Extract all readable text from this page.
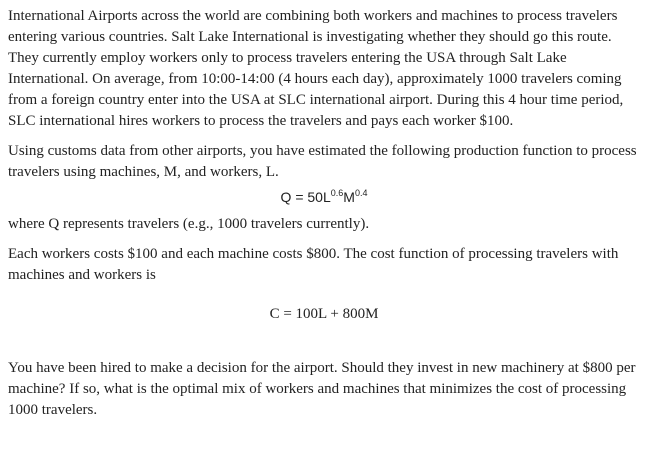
International Airports across the world are combining both workers and machines to process travelers entering various countries. Salt Lake International is investigating whether they should go this route. They currently employ workers only to process travelers entering the USA through Salt Lake International. On average, from 10:00-14:00 (4 hours each day), approximately 1000 travelers coming from a foreign country enter into the USA at SLC international airport. During this 4 hour time period, SLC international hires workers to process the travelers and pays each worker $100.

Using customs data from other airports, you have estimated the following production function to process travelers using machines, M, and workers, L.

$Q = 50L^{0.6}M^{0.4}$

where Q represents travelers (e.g., 1000 travelers currently).

Each workers costs $100 and each machine costs $800. The cost function of processing travelers with machines and workers is

C = 100L + 800M

You have been hired to make a decision for the airport. Should they invest in new machinery at $800 per machine? If so, what is the optimal mix of workers and machines that minimizes the cost of processing 1000 travelers.
